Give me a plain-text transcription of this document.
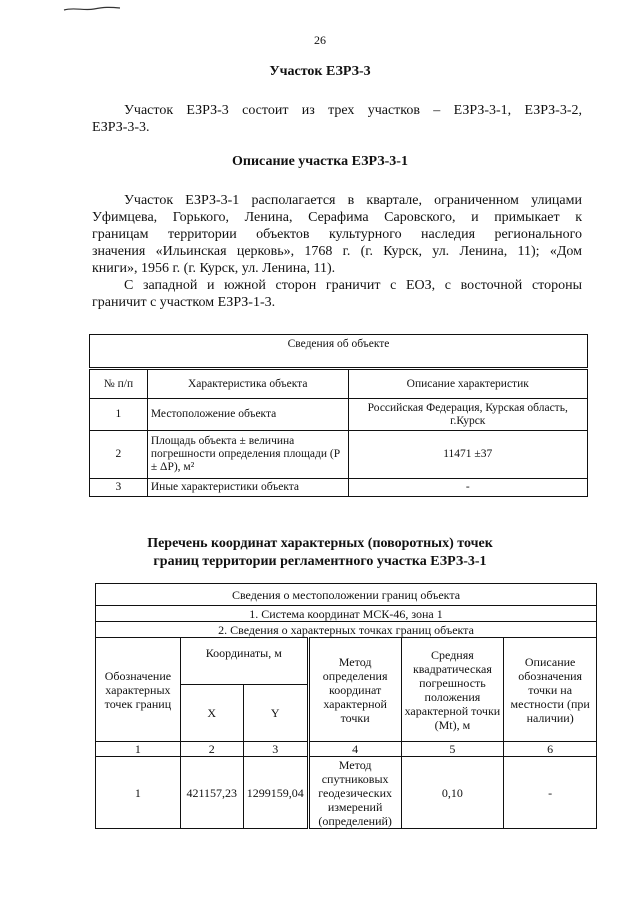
26
Участок ЕЗРЗ-3
Участок ЕЗРЗ-3 состоит из трех участков – ЕЗРЗ-3-1, ЕЗРЗ-3-2,
ЕЗРЗ-3-3.
Описание участка ЕЗРЗ-3-1
Участок ЕЗРЗ-3-1 располагается в квартале, ограниченном улицами
Уфимцева, Горького, Ленина, Серафима Саровского, и примыкает к
границам территории объектов культурного наследия регионального
значения «Ильинская церковь», 1768 г. (г. Курск, ул. Ленина, 11); «Дом
книги», 1956 г. (г. Курск, ул. Ленина, 11).
С западной и южной сторон граничит с ЕОЗ, с восточной стороны
граничит с участком ЕЗРЗ-1-3.
Сведения об объекте		
№ п/п	Характеристика объекта	Описание характеристик
1	Местоположение объекта	Российская Федерация, Курская область, г.Курск
2	Площадь объекта ± величина погрешности определения площади (P ± ΔP), м²	11471 ±37
3	Иные характеристики объекта	-
Перечень координат характерных (поворотных) точек
границ территории регламентного участка ЕЗРЗ-3-1
Сведения о местоположении границ объекта					
1. Система координат МСК-46, зона 1					
2. Сведения о характерных точках границ объекта					
Обозначение характерных точек границ	Координаты, м		Метод определения координат характерной точки	Средняя квадратическая погрешность положения характерной точки (Mt), м	Описание обозначения точки на местности (при наличии)
	X	Y			
1	2	3	4	5	6
1	421157,23	1299159,04	Метод спутниковых геодезических измерений (определений)	0,10	-
